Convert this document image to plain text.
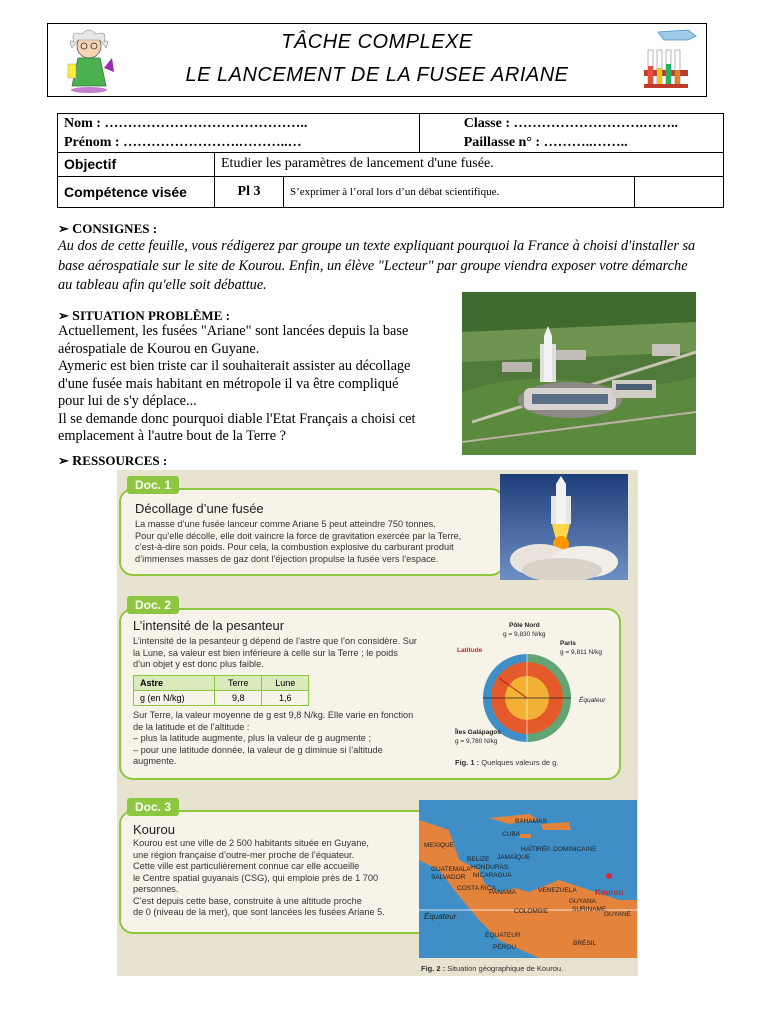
TÂCHE COMPLEXE
LE LANCEMENT DE LA FUSEE ARIANE
Nom : ……………………………………..			Classe : ……………………….……..	
Prénom : …………………….………..…			Paillasse n° : ………..……..	
Objectif	Etudier les paramètres de lancement d'une fusée.			
Compétence visée	Pl 3	S’exprimer à l’oral lors d’un débat scientifique.		
➢ CONSIGNES :
Au dos de cette feuille, vous rédigerez par groupe un texte expliquant pourquoi la France à choisi d'installer sa base aérospatiale sur le site de Kourou. Enfin, un élève "Lecteur" par groupe viendra exposer votre démarche au tableau afin qu'elle soit débattue.
➢ SITUATION PROBLÈME :
Actuellement, les fusées "Ariane" sont lancées depuis la base
aérospatiale de Kourou en Guyane.
Aymeric est bien triste car il souhaiterait assister au décollage
d'une fusée mais habitant en métropole il va être compliqué
pour lui de s'y déplace...
Il se demande donc pourquoi diable l'Etat Français a choisi cet
emplacement à l'autre bout de la Terre ?
➢ RESSOURCES :
Doc. 1
Décollage d’une fusée
La masse d’une fusée lanceur comme Ariane 5 peut atteindre 750 tonnes.
Pour qu’elle décolle, elle doit vaincre la force de gravitation exercée par la Terre,
c’est-à-dire son poids. Pour cela, la combustion explosive du carburant produit
d’immenses masses de gaz dont l’éjection propulse la fusée vers l’espace.
Doc. 2
L’intensité de la pesanteur
L’intensité de la pesanteur g dépend de l’astre que l’on considère. Sur
la Lune, sa valeur est bien inférieure à celle sur la Terre ; le poids
d’un objet y est donc plus faible.
Astre	Terre	Lune
g (en N/kg)	9,8	1,6
Sur Terre, la valeur moyenne de g est 9,8 N/kg. Elle varie en fonction
de la latitude et de l’altitude :
– plus la latitude augmente, plus la valeur de g augmente ;
– pour une latitude donnée, la valeur de g diminue si l’altitude
augmente.
Pôle Nord
g = 9,830 N/kg
Paris
g = 9,811 N/kg
Latitude
Équateur
Îles Galápagos
g = 9,780 N/kg
Fig. 1 : Quelques valeurs de g.
Doc. 3
Kourou
Kourou est une ville de 2 500 habitants située en Guyane,
une région française d’outre-mer proche de l’équateur.
Cette ville est particulièrement connue car elle accueille
le Centre spatial guyanais (CSG), qui emploie près de 1 700
personnes.
C’est depuis cette base, construite à une altitude proche
de 0 (niveau de la mer), que sont lancées les fusées Ariane 5.
BAHAMAS
CUBA
HAÏTI RÉP. DOMINICAINE
MEXIQUE
JAMAÏQUE
BELIZE
HONDURAS
GUATEMALA
SALVADOR NICARAGUA
COSTA RICA
PANAMA	VENEZUELA
GUYANA
SURINAME
GUYANE
COLOMBIE
Équateur
ÉQUATEUR
PÉROU
BRÉSIL
Kourou
Fig. 2 : Situation géographique de Kourou.
